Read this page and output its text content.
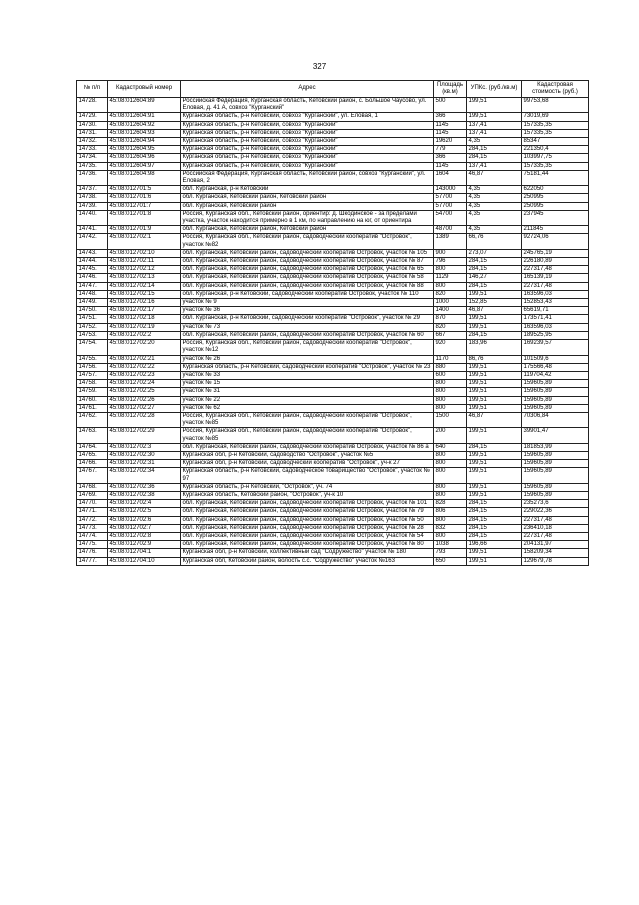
327
№ п/п	Кадастровый номер	Адрес	Площадь (кв.м)	УПКс. (руб./кв.м)	Кадастровая стоимость (руб.)
14728.	45:08:012604:89	Российская Федерация, Курганская область, Кетовский район, с. Большое Чаусово, ул. Еловая, д. 41 А, совхоз "Курганский"	500	199,51	99753,68
14729.	45:08:012604:91	Курганская область, р-н Кетовский, совхоз "Курганский", ул. Еловая, 1	366	199,51	73019,69
14730.	45:08:012604:92	Курганская область, р-н Кетовский, совхоз "Курганский"	1145	137,41	157335,35
14731.	45:08:012604:93	Курганская область, р-н Кетовский, совхоз "Курганский"	1145	137,41	157335,35
14732.	45:08:012604:94	Курганская область, р-н Кетовский, совхоз "Курганский"	19620	4,35	85347
14733.	45:08:012604:95	Курганская область, р-н Кетовский, совхоз "Курганский"	779	284,15	221350,4
14734.	45:08:012604:96	Курганская область, р-н Кетовский, совхоз "Курганский"	366	284,15	103997,75
14735.	45:08:012604:97	Курганская область, р-н Кетовский, совхоз "Курганский"	1145	137,41	157335,35
14736.	45:08:012604:98	Российская Федерация, Курганская область, Кетовский район, совхоз "Курганский", ул. Еловая, 2	1604	46,87	75181,44
14737.	45:08:012701:5	обл. Курганская, р-н Кетовский	143000	4,35	622050
14738.	45:08:012701:6	обл. Курганская, Кетовский район, Кетовский район	57700	4,35	250995
14739.	45:08:012701:7	обл. Курганская, Кетовский район	57700	4,35	250995
14740.	45:08:012701:8	Россия, Курганская обл., Кетовский район, ориентир: д. Шкодинское - за пределами участка, участок находится примерно в 1 км, по направлению на юг, от ориентира	54700	4,35	237945
14741.	45:08:012701:9	обл. Курганская, Кетовский район, Кетовский район	48700	4,35	211845
14742.	45:08:012702:1	Россия, Курганская обл., Кетовский район, садоводческий кооператив "Островок", участок №82	1389	66,76	92724,06
14743.	45:08:012702:10	обл. Курганская, Кетовский район, садоводческий кооператив Островок, участок № 105	900	273,07	245765,19
14744.	45:08:012702:11	обл. Курганская, Кетовский район, садоводческий кооператив Островок, участок № 87	796	284,15	226180,89
14745.	45:08:012702:12	обл. Курганская, Кетовский район, садоводческий кооператив Островок, участок № 65	800	284,15	227317,48
14746.	45:08:012702:13	обл. Курганская, Кетовский район, садоводческий кооператив Островок, участок № 58	1129	146,27	165139,19
14747.	45:08:012702:14	обл. Курганская, Кетовский район, садоводческий кооператив Островок, участок № 88	800	284,15	227317,48
14748.	45:08:012702:15	обл. Курганская, р-н Кетовский, садоводческий кооператив Островок, участок № 110	820	199,51	163596,03
14749.	45:08:012702:16	участок № 9	1000	152,85	152853,43
14750.	45:08:012702:17	участок № 36	1400	46,87	65619,71
14751.	45:08:012702:18	обл. Курганская, р-н Кетовский, садоводческий кооператив "Островок", участок № 29	870	199,51	173571,41
14752.	45:08:012702:19	участок № 73	820	199,51	163596,03
14753.	45:08:012702:2	обл. Курганская, Кетовский район, садоводческий кооператив Островок, участок № 60	667	284,15	189525,95
14754.	45:08:012702:20	Россия, Курганская обл., Кетовский район, садоводческий кооператив "Островок", участок №12	920	183,96	169239,57
14755.	45:08:012702:21	участок № 26	1170	86,76	101509,6
14756.	45:08:012702:22	Курганская область, р-н Кетовский, садоводческий кооператив "Островок", участок № 23	880	199,51	175566,48
14757.	45:08:012702:23	участок № 33	600	199,51	119704,42
14758.	45:08:012702:24	участок № 15	800	199,51	159605,89
14759.	45:08:012702:25	участок № 31	800	199,51	159605,89
14760.	45:08:012702:26	участок № 22	800	199,51	159605,89
14761.	45:08:012702:27	участок № 62	800	199,51	159605,89
14762.	45:08:012702:28	Россия, Курганская обл., Кетовский район, садоводческий кооператив "Островок", участок №85	1500	46,87	70306,84
14763.	45:08:012702:29	Россия, Курганская обл., Кетовский район, садоводческий кооператив "Островок", участок №85	200	199,51	39901,47
14764.	45:08:012702:3	обл. Курганская, Кетовский район, садоводческий кооператив Островок, участок № 86 а	640	284,15	181853,99
14765.	45:08:012702:30	Курганская обл, р-н Кетовский, садоводство "Островок", участок №5	800	199,51	159605,89
14766.	45:08:012702:31	Курганская обл, р-н Кетовский, садоводческий кооператив "Островок", уч-к 27	800	199,51	159605,89
14767.	45:08:012702:34	Курганская область, р-н Кетовский, садоводческое товарищество "Островок", участок № 97	800	199,51	159605,89
14768.	45:08:012702:36	Курганская область, р-н Кетовский, "Островок", уч. 74	800	199,51	159605,89
14769.	45:08:012702:38	Курганская область, Кетовский район, "Островок", уч-к 10	800	199,51	159605,89
14770.	45:08:012702:4	обл. Курганская, Кетовский район, садоводческий кооператив Островок, участок № 101	828	284,15	235273,6
14771.	45:08:012702:5	обл. Курганская, Кетовский район, садоводческий кооператив Островок, участок № 79	806	284,15	229022,36
14772.	45:08:012702:6	обл. Курганская, Кетовский район, садоводческий кооператив Островок, участок № 50	800	284,15	227317,48
14773.	45:08:012702:7	обл. Курганская, Кетовский район, садоводческий кооператив Островок, участок № 28	832	284,15	236410,18
14774.	45:08:012702:8	обл. Курганская, Кетовский район, садоводческий кооператив Островок, участок № 54	800	284,15	227317,48
14775.	45:08:012702:9	обл. Курганская, Кетовский район, садоводческий кооператив Островок, участок № 80	1038	196,66	204131,97
14776.	45:08:012704:1	Курганская обл, р-н Кетовский, коллективный сад "Содружество" участок № 180	793	199,51	158209,34
14777.	45:08:012704:10	Курганская обл, Кетовский район, волость с.с. "Содружество" участок №163	650	199,51	129679,78
